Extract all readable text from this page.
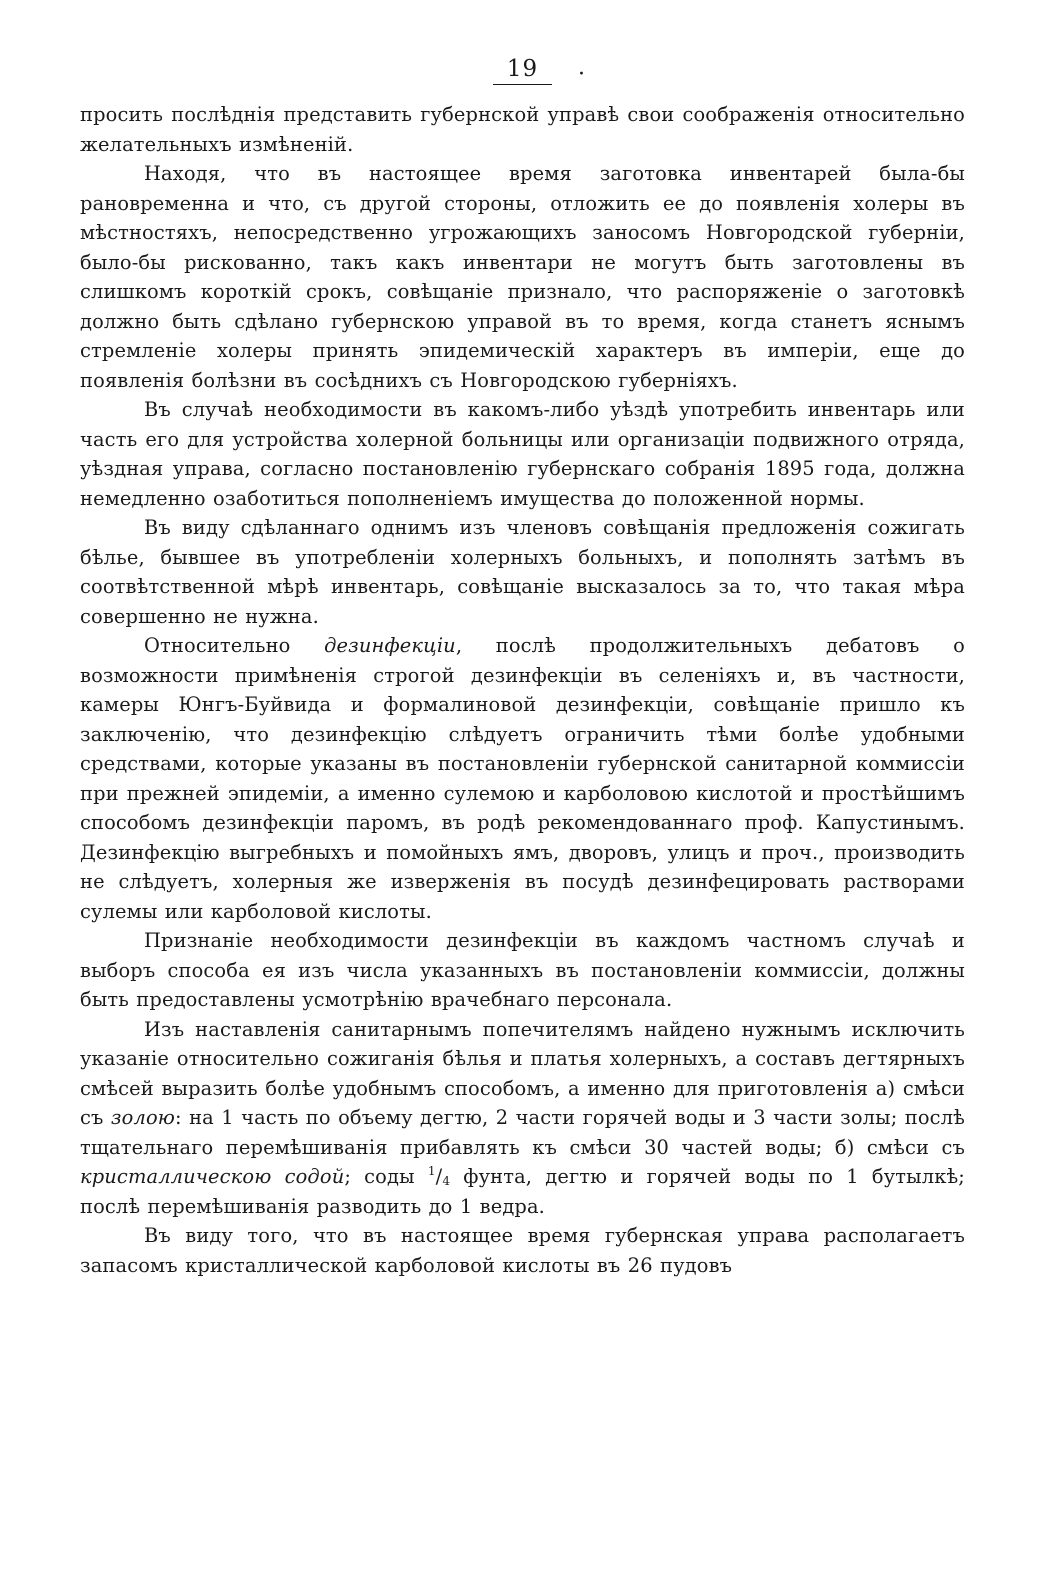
19 ·

просить послѣднія представить губернской управѣ свои соображенія относительно желательныхъ измѣненій.

Находя, что въ настоящее время заготовка инвентарей была-бы рановременна и что, съ другой стороны, отложить ее до появленія холеры въ мѣстностяхъ, непосредственно угрожающихъ заносомъ Новгородской губерніи, было-бы рискованно, такъ какъ инвентари не могутъ быть заготовлены въ слишкомъ короткій срокъ, совѣщаніе признало, что распоряженіе о заготовкѣ должно быть сдѣлано губернскою управой въ то время, когда станетъ яснымъ стремленіе холеры принять эпидемическій характеръ въ имперіи, еще до появленія болѣзни въ сосѣднихъ съ Новгородскою губерніяхъ.

Въ случаѣ необходимости въ какомъ-либо уѣздѣ употребить инвентарь или часть его для устройства холерной больницы или организаціи подвижного отряда, уѣздная управа, согласно постановленію губернскаго собранія 1895 года, должна немедленно озаботиться пополненіемъ имущества до положенной нормы.

Въ виду сдѣланнаго однимъ изъ членовъ совѣщанія предложенія сожигать бѣлье, бывшее въ употребленіи холерныхъ больныхъ, и пополнять затѣмъ въ соотвѣтственной мѣрѣ инвентарь, совѣщаніе высказалось за то, что такая мѣра совершенно не нужна.

Относительно дезинфекціи, послѣ продолжительныхъ дебатовъ о возможности примѣненія строгой дезинфекціи въ селеніяхъ и, въ частности, камеры Юнгъ-Буйвида и формалиновой дезинфекціи, совѣщаніе пришло къ заключенію, что дезинфекцію слѣдуетъ ограничить тѣми болѣе удобными средствами, которые указаны въ постановленіи губернской санитарной коммиссіи при прежней эпидеміи, а именно сулемою и карболовою кислотой и простѣйшимъ способомъ дезинфекціи паромъ, въ родѣ рекомендованнаго проф. Капустинымъ. Дезинфекцію выгребныхъ и помойныхъ ямъ, дворовъ, улицъ и проч., производить не слѣдуетъ, холерныя же изверженія въ посудѣ дезинфецировать растворами сулемы или карболовой кислоты.

Признаніе необходимости дезинфекціи въ каждомъ частномъ случаѣ и выборъ способа ея изъ числа указанныхъ въ постановленіи коммиссіи, должны быть предоставлены усмотрѣнію врачебнаго персонала.

Изъ наставленія санитарнымъ попечителямъ найдено нужнымъ исключить указаніе относительно сожиганія бѣлья и платья холерныхъ, а составъ дегтярныхъ смѣсей выразить болѣе удобнымъ способомъ, а именно для приготовленія а) смѣси съ золою: на 1 часть по объему дегтю, 2 части горячей воды и 3 части золы; послѣ тщательнаго перемѣшиванія прибавлять къ смѣси 30 частей воды; б) смѣси съ кристаллическою содой; соды $^1/_4$ фунта, дегтю и горячей воды по 1 бутылкѣ; послѣ перемѣшиванія разводить до 1 ведра.

Въ виду того, что въ настоящее время губернская управа располагаетъ запасомъ кристаллической карболовой кислоты въ 26 пудовъ
